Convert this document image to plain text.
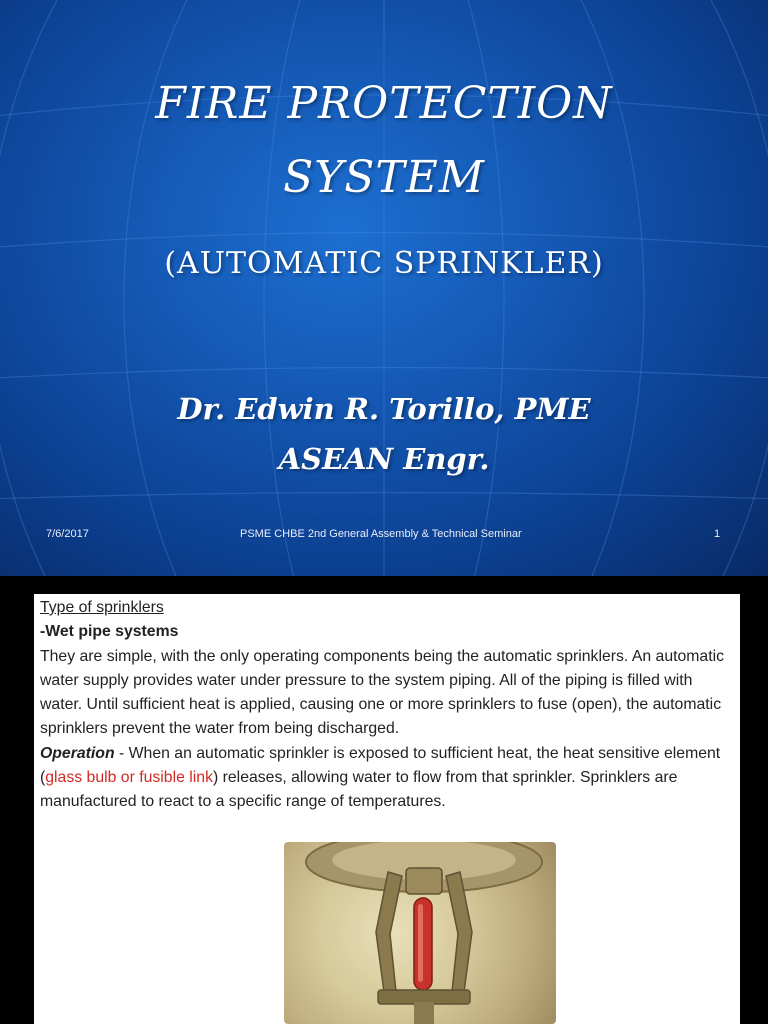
FIRE PROTECTION
SYSTEM
(AUTOMATIC SPRINKLER)
Dr. Edwin R. Torillo, PME
ASEAN Engr.
7/6/2017	PSME CHBE 2nd General Assembly & Technical Seminar	1

Type of sprinklers

-Wet pipe systems

They are simple, with the only operating components being the automatic sprinklers. An automatic water supply provides water under pressure to the system piping. All of the piping is filled with water. Until sufficient heat is applied, causing one or more sprinklers to fuse (open), the automatic sprinklers prevent the water from being discharged.

Operation - When an automatic sprinkler is exposed to sufficient heat, the heat sensitive element (glass bulb or fusible link) releases, allowing water to flow from that sprinkler. Sprinklers are manufactured to react to a specific range of temperatures.
